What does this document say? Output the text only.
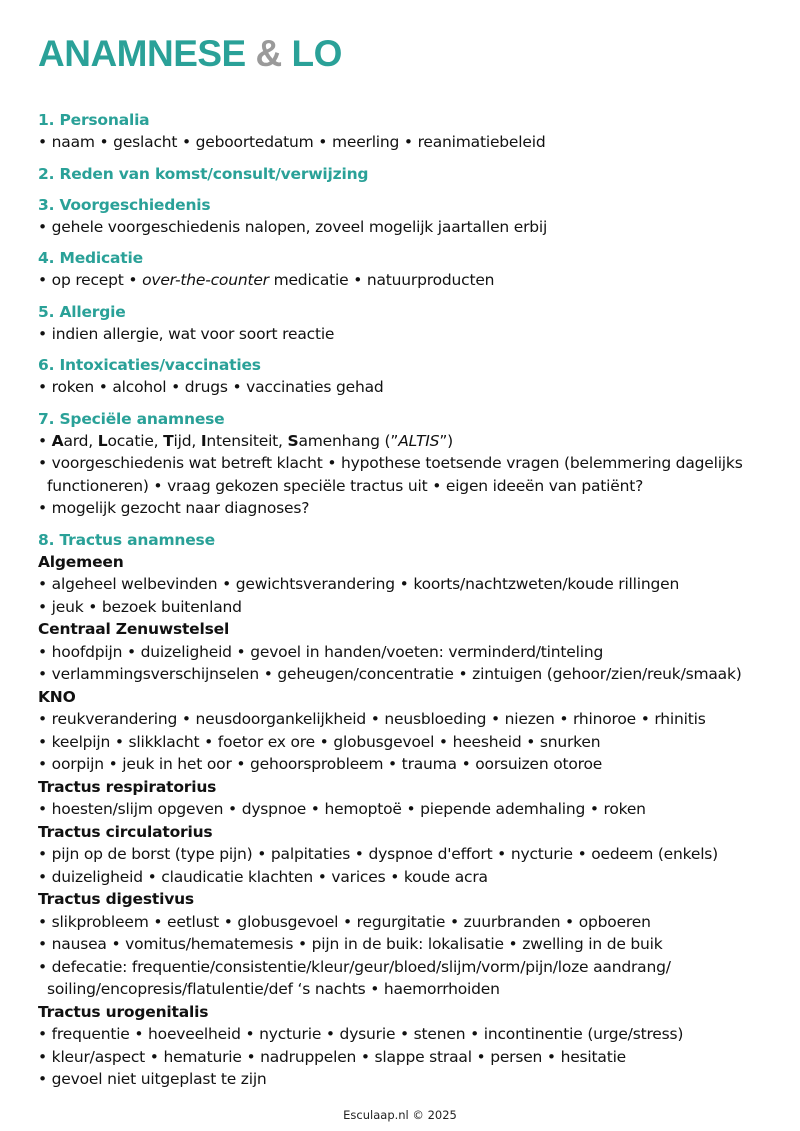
ANAMNESE & LO
1. Personalia
• naam • geslacht • geboortedatum • meerling • reanimatiebeleid
2. Reden van komst/consult/verwijzing
3. Voorgeschiedenis
• gehele voorgeschiedenis nalopen, zoveel mogelijk jaartallen erbij
4. Medicatie
• op recept • over-the-counter medicatie • natuurproducten
5. Allergie
• indien allergie, wat voor soort reactie
6. Intoxicaties/vaccinaties
• roken • alcohol • drugs • vaccinaties gehad
7. Speciële anamnese
• Aard, Locatie, Tijd, Intensiteit, Samenhang (”ALTIS”)
• voorgeschiedenis wat betreft klacht • hypothese toetsende vragen (belemmering dagelijks
functioneren) • vraag gekozen speciële tractus uit • eigen ideeën van patiënt?
• mogelijk gezocht naar diagnoses?
8. Tractus anamnese
Algemeen
• algeheel welbevinden • gewichtsverandering • koorts/nachtzweten/koude rillingen
• jeuk • bezoek buitenland
Centraal Zenuwstelsel
• hoofdpijn • duizeligheid • gevoel in handen/voeten: verminderd/tinteling
• verlammingsverschijnselen • geheugen/concentratie • zintuigen (gehoor/zien/reuk/smaak)
KNO
• reukverandering • neusdoorgankelijkheid • neusbloeding • niezen • rhinoroe • rhinitis
• keelpijn • slikklacht • foetor ex ore • globusgevoel • heesheid • snurken
• oorpijn • jeuk in het oor • gehoorsprobleem • trauma • oorsuizen otoroe
Tractus respiratorius
• hoesten/slijm opgeven • dyspnoe • hemoptoë • piepende ademhaling • roken
Tractus circulatorius
• pijn op de borst (type pijn) • palpitaties • dyspnoe d'effort • nycturie • oedeem (enkels)
• duizeligheid • claudicatie klachten • varices • koude acra
Tractus digestivus
• slikprobleem • eetlust • globusgevoel • regurgitatie • zuurbranden • opboeren
• nausea • vomitus/hematemesis • pijn in de buik: lokalisatie • zwelling in de buik
• defecatie: frequentie/consistentie/kleur/geur/bloed/slijm/vorm/pijn/loze aandrang/
soiling/encopresis/flatulentie/def ‘s nachts • haemorrhoiden
Tractus urogenitalis
• frequentie • hoeveelheid • nycturie • dysurie • stenen • incontinentie (urge/stress)
• kleur/aspect • hematurie • nadruppelen • slappe straal • persen • hesitatie
• gevoel niet uitgeplast te zijn
Esculaap.nl © 2025
